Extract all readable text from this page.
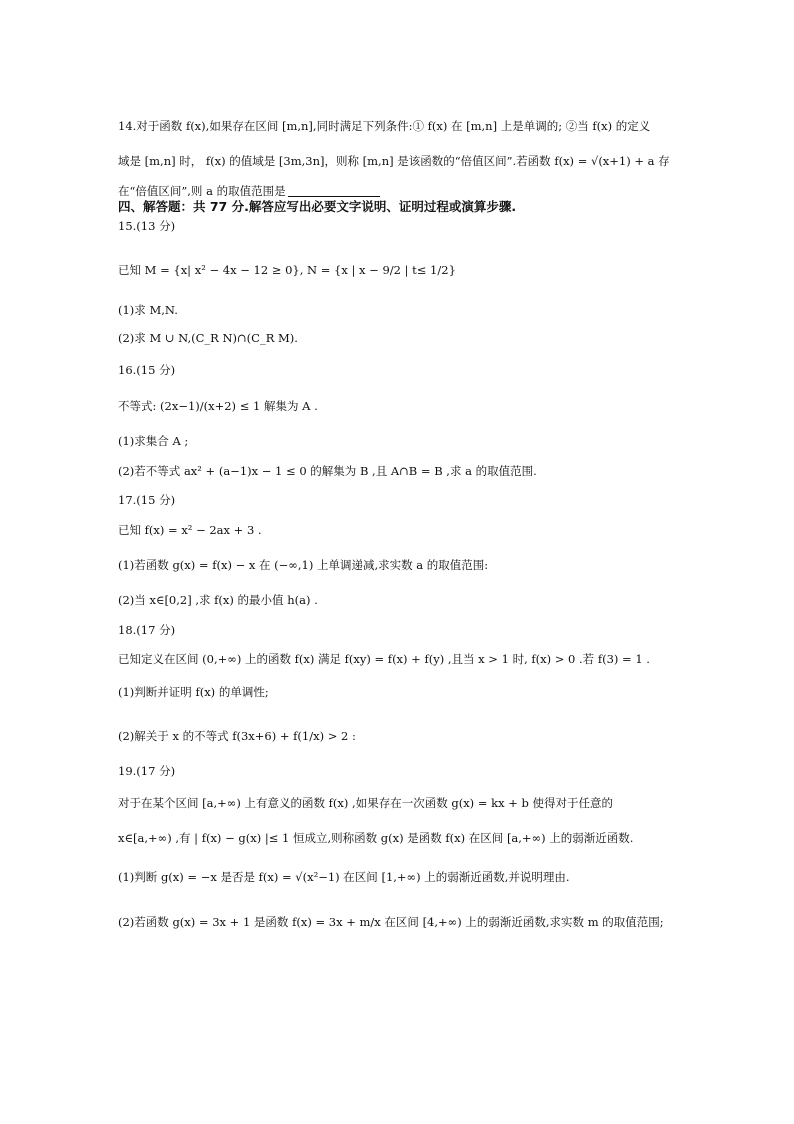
14.对于函数 f(x),如果存在区间 [m,n],同时满足下列条件:① f(x) 在 [m,n] 上是单调的; ②当 f(x) 的定义
域是 [m,n] 时， f(x) 的值域是 [3m,3n]，则称 [m,n] 是该函数的“倍值区间”.若函数 f(x) = √(x+1) + a 存
在“倍值区间”,则 a 的取值范围是
四、解答题：共 77 分.解答应写出必要文字说明、证明过程或演算步骤.
15.(13 分)
已知 M = {x| x² − 4x − 12 ≥ 0}, N = {x | x − 9/2 | t≤ 1/2}
(1)求 M,N.
(2)求 M ∪ N,(C_R N)∩(C_R M).
16.(15 分)
不等式: (2x−1)/(x+2) ≤ 1 解集为 A .
(1)求集合 A ;
(2)若不等式 ax² + (a−1)x − 1 ≤ 0 的解集为 B ,且 A∩B = B ,求 a 的取值范围.
17.(15 分)
已知 f(x) = x² − 2ax + 3 .
(1)若函数 g(x) = f(x) − x 在 (−∞,1) 上单调递减,求实数 a 的取值范围:
(2)当 x∈[0,2] ,求 f(x) 的最小值 h(a) .
18.(17 分)
已知定义在区间 (0,+∞) 上的函数 f(x) 满足 f(xy) = f(x) + f(y) ,且当 x > 1 时, f(x) > 0 .若 f(3) = 1 .
(1)判断并证明 f(x) 的单调性;
(2)解关于 x 的不等式 f(3x+6) + f(1/x) > 2 :
19.(17 分)
对于在某个区间 [a,+∞) 上有意义的函数 f(x) ,如果存在一次函数 g(x) = kx + b 使得对于任意的
x∈[a,+∞) ,有 | f(x) − g(x) |≤ 1 恒成立,则称函数 g(x) 是函数 f(x) 在区间 [a,+∞) 上的弱渐近函数.
(1)判断 g(x) = −x 是否是 f(x) = √(x²−1) 在区间 [1,+∞) 上的弱渐近函数,并说明理由.
(2)若函数 g(x) = 3x + 1 是函数 f(x) = 3x + m/x 在区间 [4,+∞) 上的弱渐近函数,求实数 m 的取值范围;
